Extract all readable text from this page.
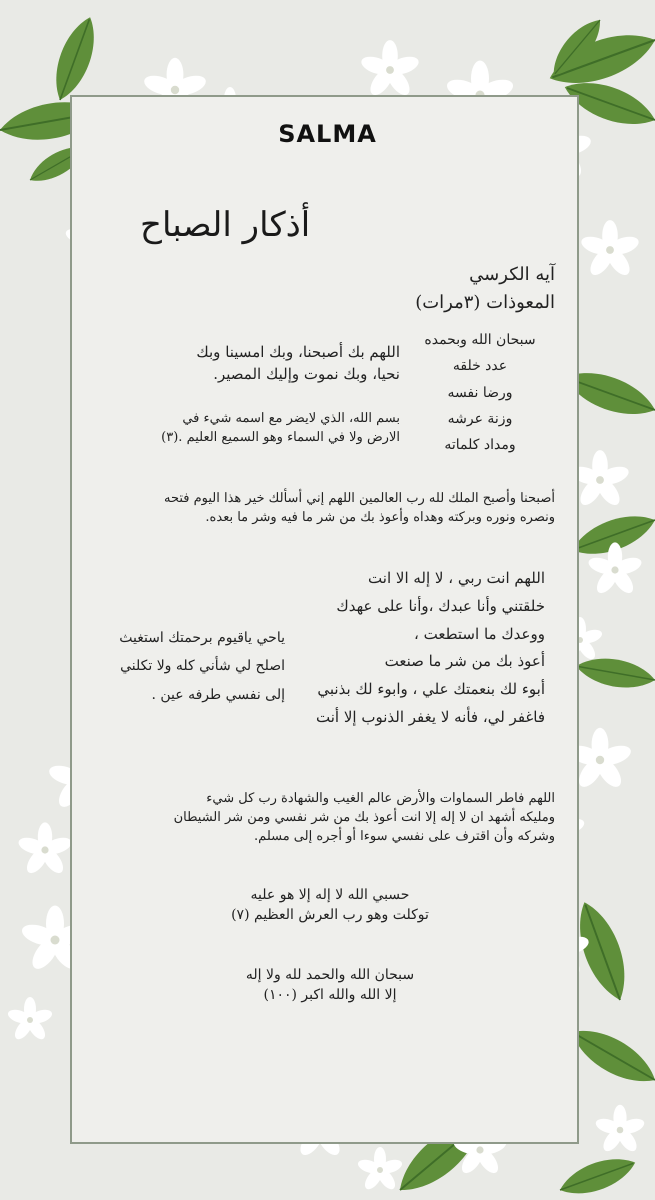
SALMA
أذكار الصباح
آيه الكرسي
المعوذات (٣مرات)
سبحان الله وبحمده
عدد خلقه
ورضا نفسه
وزنة عرشه
ومداد كلماته
اللهم بك أصبحنا، وبك امسينا وبك
نحيا، وبك نموت وإليك المصير.
بسم الله، الذي لايضر مع اسمه شيء في
الارض ولا في السماء وهو السميع العليم .(٣)
أصبحنا وأصبح الملك لله رب العالمين اللهم إني أسألك خير هذا اليوم فتحه
ونصره ونوره وبركته وهداه وأعوذ بك من شر ما فيه وشر ما بعده.
اللهم انت ربي ، لا إله الا انت
خلقتني وأنا عبدك ،وأنا على عهدك
ووعدك ما استطعت ،
أعوذ بك من شر ما صنعت
أبوء لك بنعمتك علي ، وابوء لك بذنبي
فاغفر لي، فأنه لا يغفر الذنوب إلا أنت
ياحي ياقيوم برحمتك استغيث
اصلح لي شأني كله ولا تكلني
إلى نفسي طرفه عين .
اللهم فاطر السماوات والأرض عالم الغيب والشهادة رب كل شيء
ومليكه أشهد ان لا إله إلا انت أعوذ بك من شر نفسي ومن شر الشيطان
وشركه وأن اقترف على نفسي سوءا أو أجره إلى مسلم.
حسبي الله لا إله إلا هو عليه
توكلت وهو رب العرش العظيم (٧)
سبحان الله والحمد لله ولا إله
إلا الله والله اكبر (١٠٠)
